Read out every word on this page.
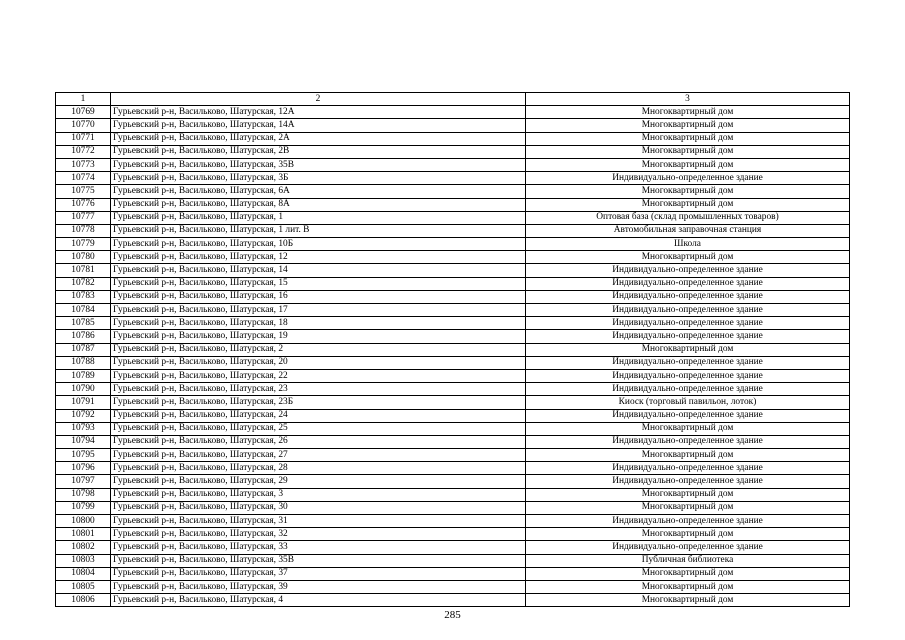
1	2	3
10769	Гурьевский р-н, Васильково, Шатурская, 12А	Многоквартирный дом
10770	Гурьевский р-н, Васильково, Шатурская, 14А	Многоквартирный дом
10771	Гурьевский р-н, Васильково, Шатурская, 2А	Многоквартирный дом
10772	Гурьевский р-н, Васильково, Шатурская, 2В	Многоквартирный дом
10773	Гурьевский р-н, Васильково, Шатурская, 35В	Многоквартирный дом
10774	Гурьевский р-н, Васильково, Шатурская, 3Б	Индивидуально-определенное здание
10775	Гурьевский р-н, Васильково, Шатурская, 6А	Многоквартирный дом
10776	Гурьевский р-н, Васильково, Шатурская, 8А	Многоквартирный дом
10777	Гурьевский р-н, Васильково, Шатурская, 1	Оптовая база (склад промышленных товаров)
10778	Гурьевский р-н, Васильково, Шатурская, 1 лит. В	Автомобильная заправочная станция
10779	Гурьевский р-н, Васильково, Шатурская, 10Б	Школа
10780	Гурьевский р-н, Васильково, Шатурская, 12	Многоквартирный дом
10781	Гурьевский р-н, Васильково, Шатурская, 14	Индивидуально-определенное здание
10782	Гурьевский р-н, Васильково, Шатурская, 15	Индивидуально-определенное здание
10783	Гурьевский р-н, Васильково, Шатурская, 16	Индивидуально-определенное здание
10784	Гурьевский р-н, Васильково, Шатурская, 17	Индивидуально-определенное здание
10785	Гурьевский р-н, Васильково, Шатурская, 18	Индивидуально-определенное здание
10786	Гурьевский р-н, Васильково, Шатурская, 19	Индивидуально-определенное здание
10787	Гурьевский р-н, Васильково, Шатурская, 2	Многоквартирный дом
10788	Гурьевский р-н, Васильково, Шатурская, 20	Индивидуально-определенное здание
10789	Гурьевский р-н, Васильково, Шатурская, 22	Индивидуально-определенное здание
10790	Гурьевский р-н, Васильково, Шатурская, 23	Индивидуально-определенное здание
10791	Гурьевский р-н, Васильково, Шатурская, 23Б	Киоск (торговый павильон, лоток)
10792	Гурьевский р-н, Васильково, Шатурская, 24	Индивидуально-определенное здание
10793	Гурьевский р-н, Васильково, Шатурская, 25	Многоквартирный дом
10794	Гурьевский р-н, Васильково, Шатурская, 26	Индивидуально-определенное здание
10795	Гурьевский р-н, Васильково, Шатурская, 27	Многоквартирный дом
10796	Гурьевский р-н, Васильково, Шатурская, 28	Индивидуально-определенное здание
10797	Гурьевский р-н, Васильково, Шатурская, 29	Индивидуально-определенное здание
10798	Гурьевский р-н, Васильково, Шатурская, 3	Многоквартирный дом
10799	Гурьевский р-н, Васильково, Шатурская, 30	Многоквартирный дом
10800	Гурьевский р-н, Васильково, Шатурская, 31	Индивидуально-определенное здание
10801	Гурьевский р-н, Васильково, Шатурская, 32	Многоквартирный дом
10802	Гурьевский р-н, Васильково, Шатурская, 33	Индивидуально-определенное здание
10803	Гурьевский р-н, Васильково, Шатурская, 35В	Публичная библиотека
10804	Гурьевский р-н, Васильково, Шатурская, 37	Многоквартирный дом
10805	Гурьевский р-н, Васильково, Шатурская, 39	Многоквартирный дом
10806	Гурьевский р-н, Васильково, Шатурская, 4	Многоквартирный дом
285
